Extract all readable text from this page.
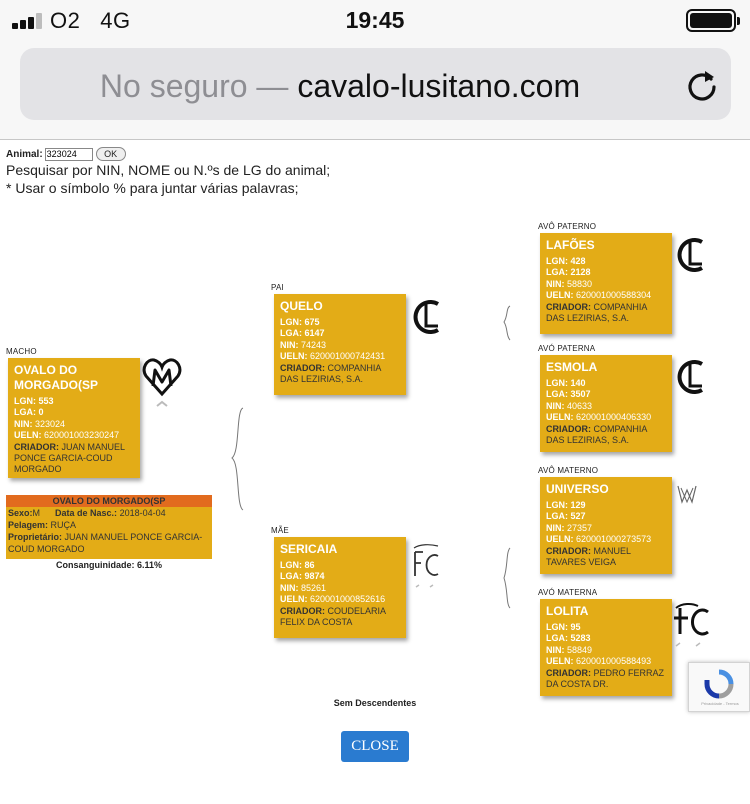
O2 4G	19:45
No seguro — cavalo-lusitano.com
Animal:
323024	OK
Pesquisar por NIN, NOME ou N.ºs de LG do animal;
* Usar o símbolo % para juntar várias palavras;
MACHO
OVALO DO MORGADO(SP
LGN: 553
LGA: 0
NIN: 323024
UELN: 620001003230247
CRIADOR: JUAN MANUEL PONCE GARCIA-COUD MORGADO
OVALO DO MORGADO(SP
Sexo:M Data de Nasc.: 2018-04-04
Pelagem: RUÇA
Proprietário: JUAN MANUEL PONCE GARCIA-COUD MORGADO
Consanguinidade: 6.11%
PAI
QUELO
LGN: 675
LGA: 6147
NIN: 74243
UELN: 620001000742431
CRIADOR: COMPANHIA DAS LEZIRIAS, S.A.
MÃE
SERICAIA
LGN: 86
LGA: 9874
NIN: 85261
UELN: 620001000852616
CRIADOR: COUDELARIA FELIX DA COSTA
AVÔ PATERNO
LAFÕES
LGN: 428
LGA: 2128
NIN: 58830
UELN: 620001000588304
CRIADOR: COMPANHIA DAS LEZIRIAS, S.A.
AVÓ PATERNA
ESMOLA
LGN: 140
LGA: 3507
NIN: 40633
UELN: 620001000406330
CRIADOR: COMPANHIA DAS LEZIRIAS, S.A.
AVÔ MATERNO
UNIVERSO
LGN: 129
LGA: 527
NIN: 27357
UELN: 620001000273573
CRIADOR: MANUEL TAVARES VEIGA
AVÓ MATERNA
LOLITA
LGN: 95
LGA: 5283
NIN: 58849
UELN: 620001000588493
CRIADOR: PEDRO FERRAZ DA COSTA DR.
Sem Descendentes
CLOSE
Privacidade - Termos
